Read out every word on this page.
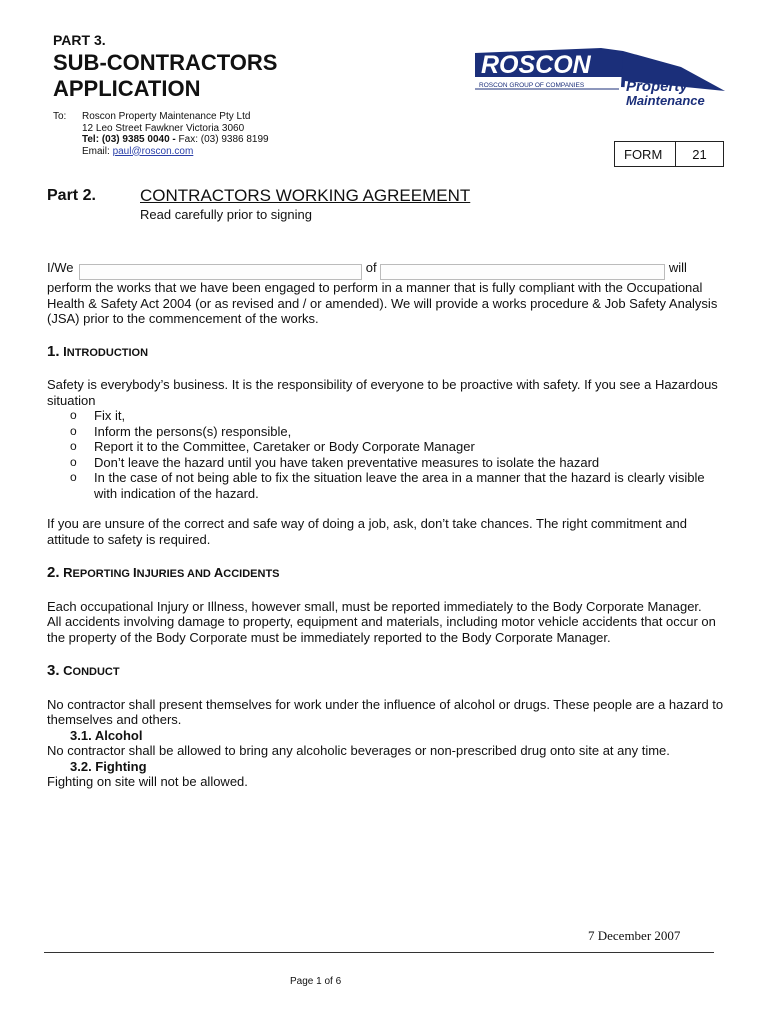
PART 3.
SUB-CONTRACTORS
APPLICATION
To: Roscon Property Maintenance Pty Ltd
12 Leo Street Fawkner Victoria 3060
Tel: (03) 9385 0040 - Fax: (03) 9386 8199
Email: paul@roscon.com
ROSCON
ROSCON GROUP OF COMPANIES	Property
Maintenance
FORM	21
Part 2.	CONTRACTORS WORKING AGREEMENT
Read carefully prior to signing
I/We	of	will
perform the works that we have been engaged to perform in a manner that is fully compliant with the Occupational Health & Safety Act 2004 (or as revised and / or amended). We will provide a works procedure & Job Safety Analysis (JSA) prior to the commencement of the works.
1. INTRODUCTION
Safety is everybody’s business. It is the responsibility of everyone to be proactive with safety. If you see a Hazardous situation
o Fix it,
o Inform the persons(s) responsible,
o Report it to the Committee, Caretaker or Body Corporate Manager
o Don’t leave the hazard until you have taken preventative measures to isolate the hazard
o In the case of not being able to fix the situation leave the area in a manner that the hazard is clearly visible with indication of the hazard.
If you are unsure of the correct and safe way of doing a job, ask, don’t take chances. The right commitment and attitude to safety is required.
2. REPORTING INJURIES AND ACCIDENTS
Each occupational Injury or Illness, however small, must be reported immediately to the Body Corporate Manager.
All accidents involving damage to property, equipment and materials, including motor vehicle accidents that occur on the property of the Body Corporate must be immediately reported to the Body Corporate Manager.
3. CONDUCT
No contractor shall present themselves for work under the influence of alcohol or drugs. These people are a hazard to themselves and others.
3.1. Alcohol
No contractor shall be allowed to bring any alcoholic beverages or non-prescribed drug onto site at any time.
3.2. Fighting
Fighting on site will not be allowed.
7 December 2007
Page 1 of 6
